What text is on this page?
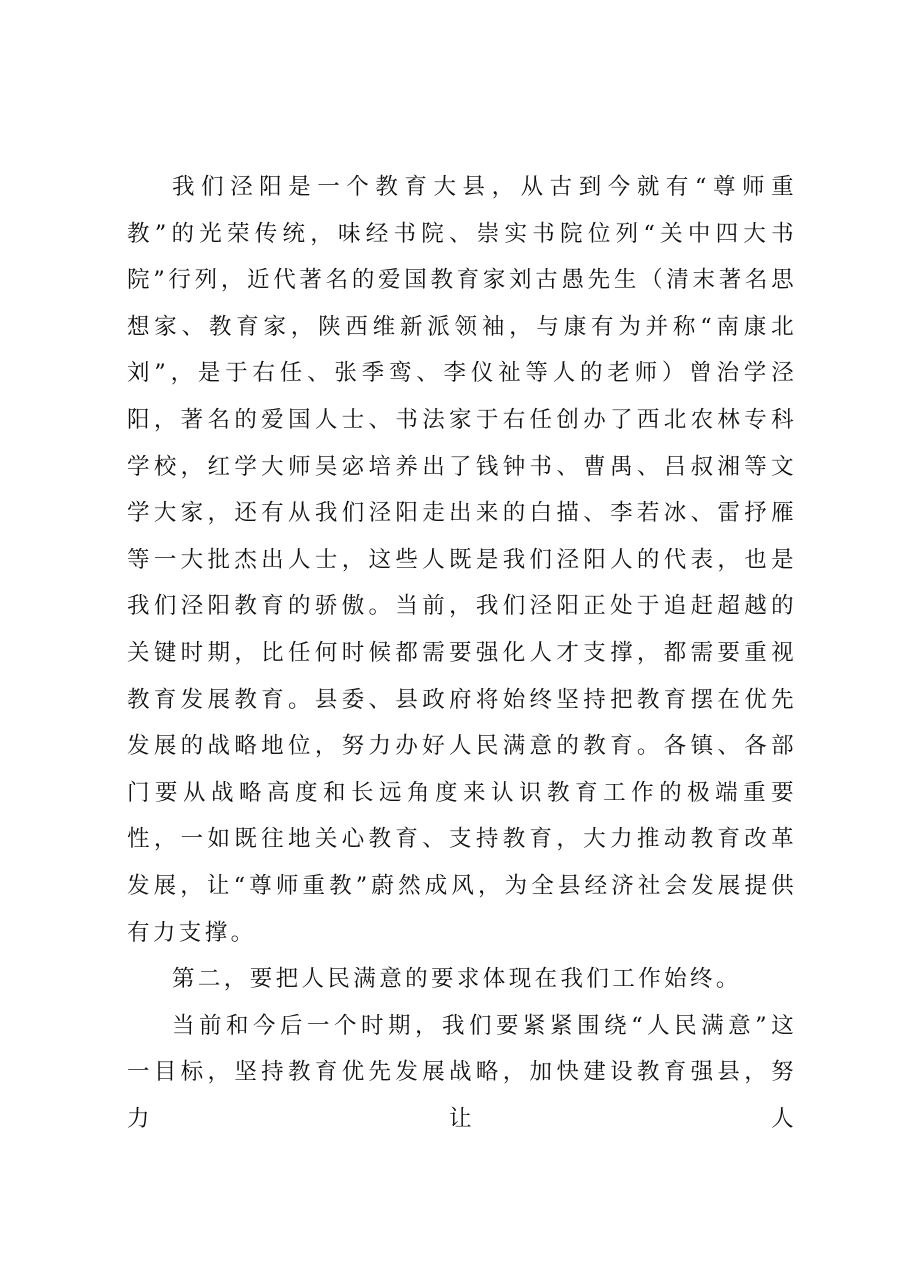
我们泾阳是一个教育大县，从古到今就有“尊师重教”的光荣传统，味经书院、崇实书院位列“关中四大书院”行列，近代著名的爱国教育家刘古愚先生（清末著名思想家、教育家，陕西维新派领袖，与康有为并称“南康北刘”，是于右任、张季鸾、李仪祉等人的老师）曾治学泾阳，著名的爱国人士、书法家于右任创办了西北农林专科学校，红学大师吴宓培养出了钱钟书、曹禺、吕叔湘等文学大家，还有从我们泾阳走出来的白描、李若冰、雷抒雁等一大批杰出人士，这些人既是我们泾阳人的代表，也是我们泾阳教育的骄傲。当前，我们泾阳正处于追赶超越的关键时期，比任何时候都需要强化人才支撑，都需要重视教育发展教育。县委、县政府将始终坚持把教育摆在优先发展的战略地位，努力办好人民满意的教育。各镇、各部门要从战略高度和长远角度来认识教育工作的极端重要性，一如既往地关心教育、支持教育，大力推动教育改革发展，让“尊师重教”蔚然成风，为全县经济社会发展提供有力支撑。

第二，要把人民满意的要求体现在我们工作始终。

当前和今后一个时期，我们要紧紧围绕“人民满意”这一目标，坚持教育优先发展战略，加快建设教育强县，努力让人
